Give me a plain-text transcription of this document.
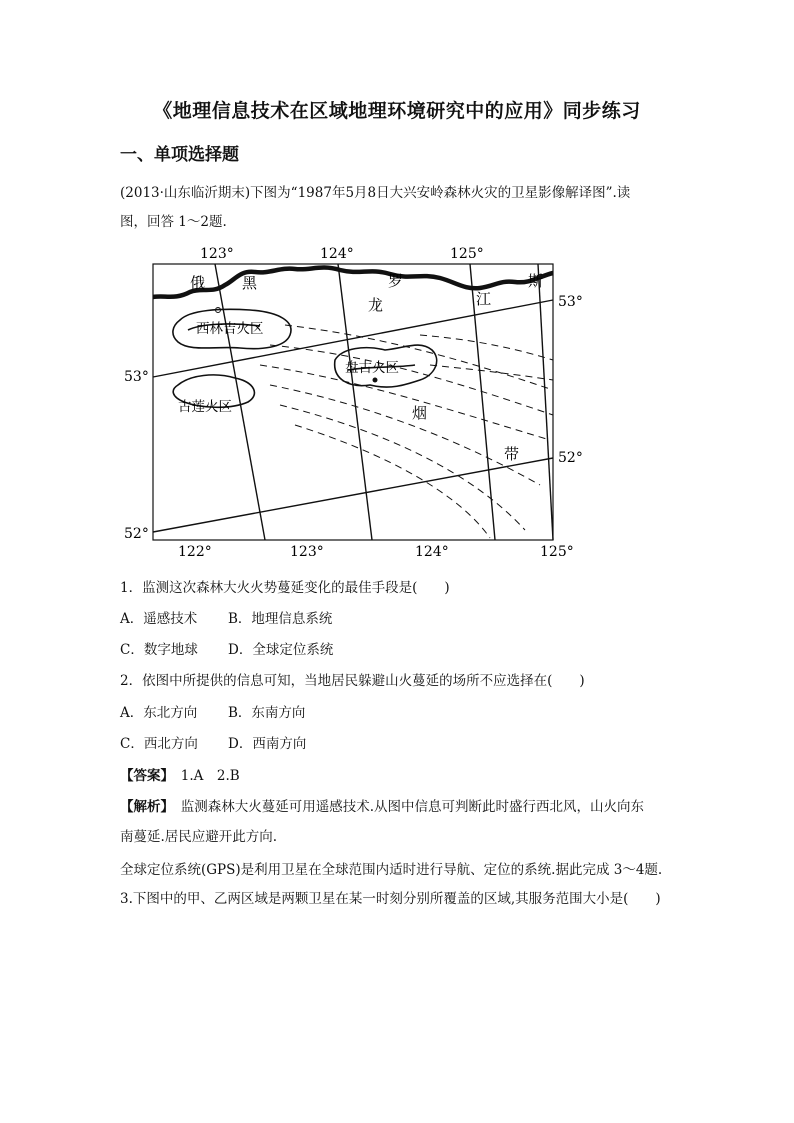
《地理信息技术在区域地理环境研究中的应用》同步练习
一、单项选择题
(2013·山东临沂期末)下图为“1987年5月8日大兴安岭森林火灾的卫星影像解译图”.读
图，回答 1～2题.
123°	124°	125°
122°	123°	124°	125°
53°
52°
53°
52°
俄	罗	斯
黑
龙	江
西林吉火区
盘古火区
古莲火区	烟
带
1．监测这次森林大火火势蔓延变化的最佳手段是(　　)
A．遥感技术 B．地理信息系统
C．数字地球 D．全球定位系统
2．依图中所提供的信息可知，当地居民躲避山火蔓延的场所不应选择在(　　)
A．东北方向 B．东南方向
C．西北方向 D．西南方向
【答案】　 1.A　2.B
【解析】　 监测森林大火蔓延可用遥感技术.从图中信息可判断此时盛行西北风，山火向东
南蔓延.居民应避开此方向.
全球定位系统(GPS)是利用卫星在全球范围内适时进行导航、定位的系统.据此完成 3～4题.
3.下图中的甲、乙两区域是两颗卫星在某一时刻分别所覆盖的区域,其服务范围大小是(　　)
